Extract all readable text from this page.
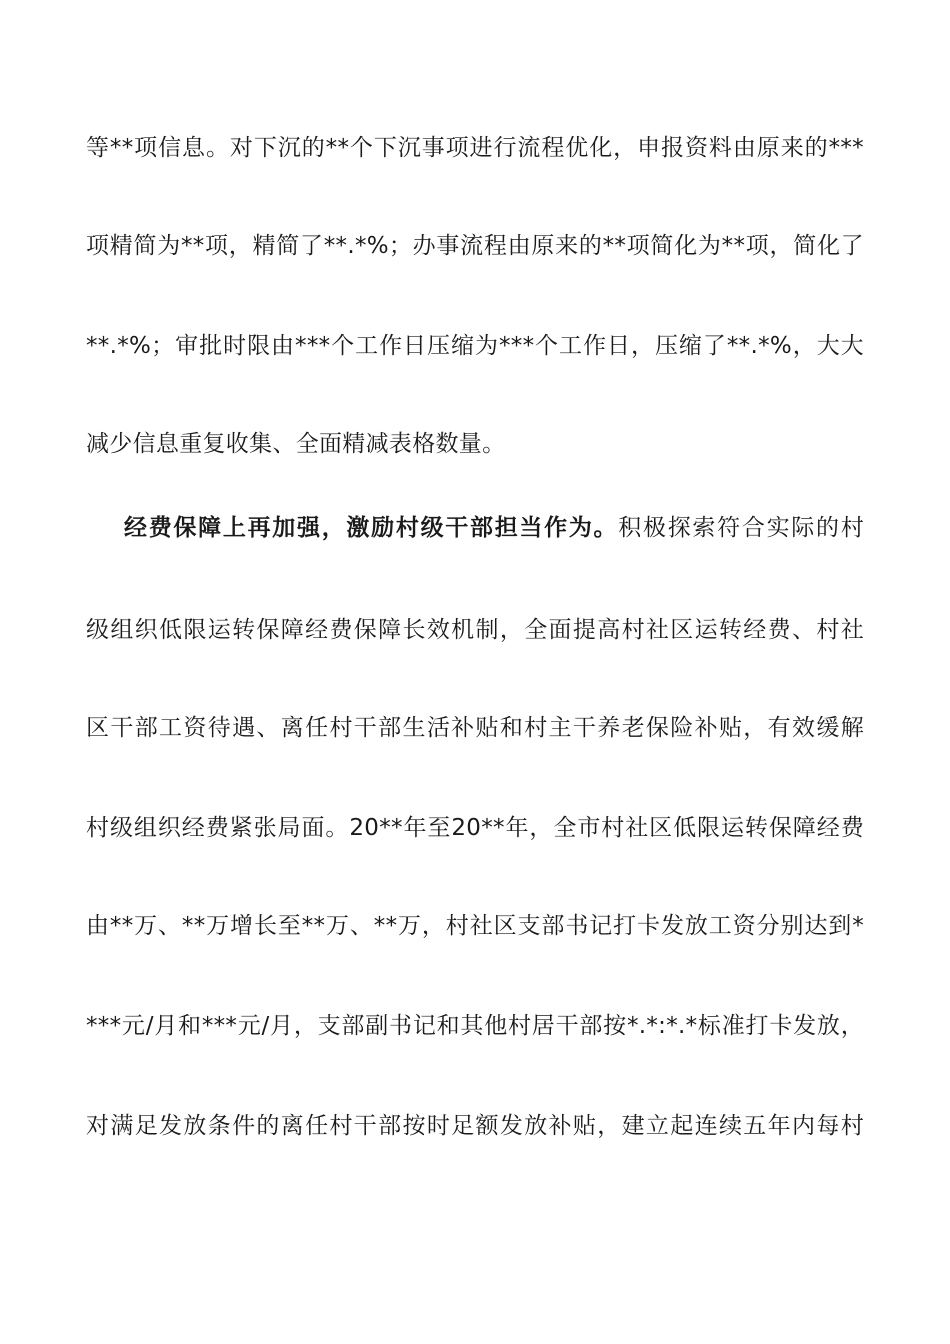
等**项信息。对下沉的**个下沉事项进行流程优化，申报资料由原来的***
项精简为**项，精简了**.*%；办事流程由原来的**项简化为**项，简化了
**.*%；审批时限由***个工作日压缩为***个工作日，压缩了**.*%，大大
减少信息重复收集、全面精减表格数量。
经费保障上再加强，激励村级干部担当作为。积极探索符合实际的村
级组织低限运转保障经费保障长效机制，全面提高村社区运转经费、村社
区干部工资待遇、离任村干部生活补贴和村主干养老保险补贴，有效缓解
村级组织经费紧张局面。20**年至20**年，全市村社区低限运转保障经费
由**万、**万增长至**万、**万，村社区支部书记打卡发放工资分别达到*
***元/月和***元/月，支部副书记和其他村居干部按*.*:*.*标准打卡发放，
对满足发放条件的离任村干部按时足额发放补贴，建立起连续五年内每村
